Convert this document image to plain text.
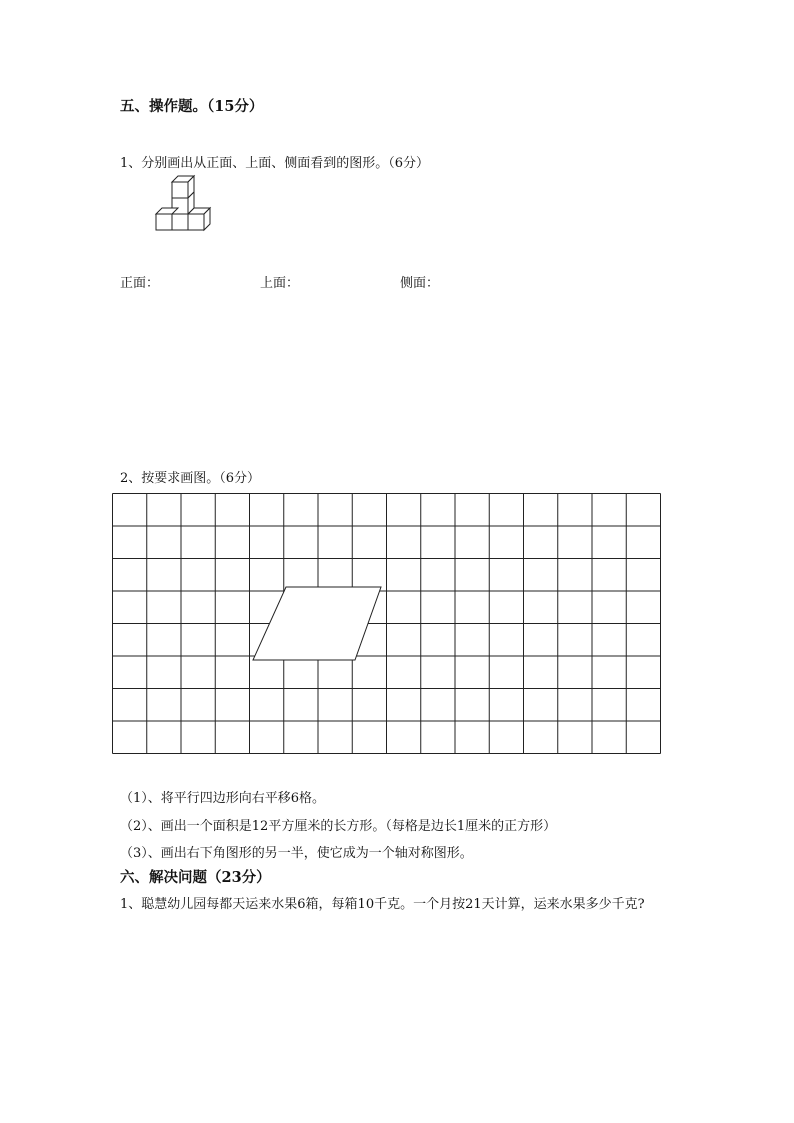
五、操作题。（15分）
1、分别画出从正面、上面、侧面看到的图形。（6分）
正面：	上面：	侧面：
2、按要求画图。（6分）
（1）、将平行四边形向右平移6格。
（2）、画出一个面积是12平方厘米的长方形。（每格是边长1厘米的正方形）
（3）、画出右下角图形的另一半，使它成为一个轴对称图形。
六、解决问题（23分）
1、聪慧幼儿园每都天运来水果6箱，每箱10千克。一个月按21天计算，运来水果多少千克?
